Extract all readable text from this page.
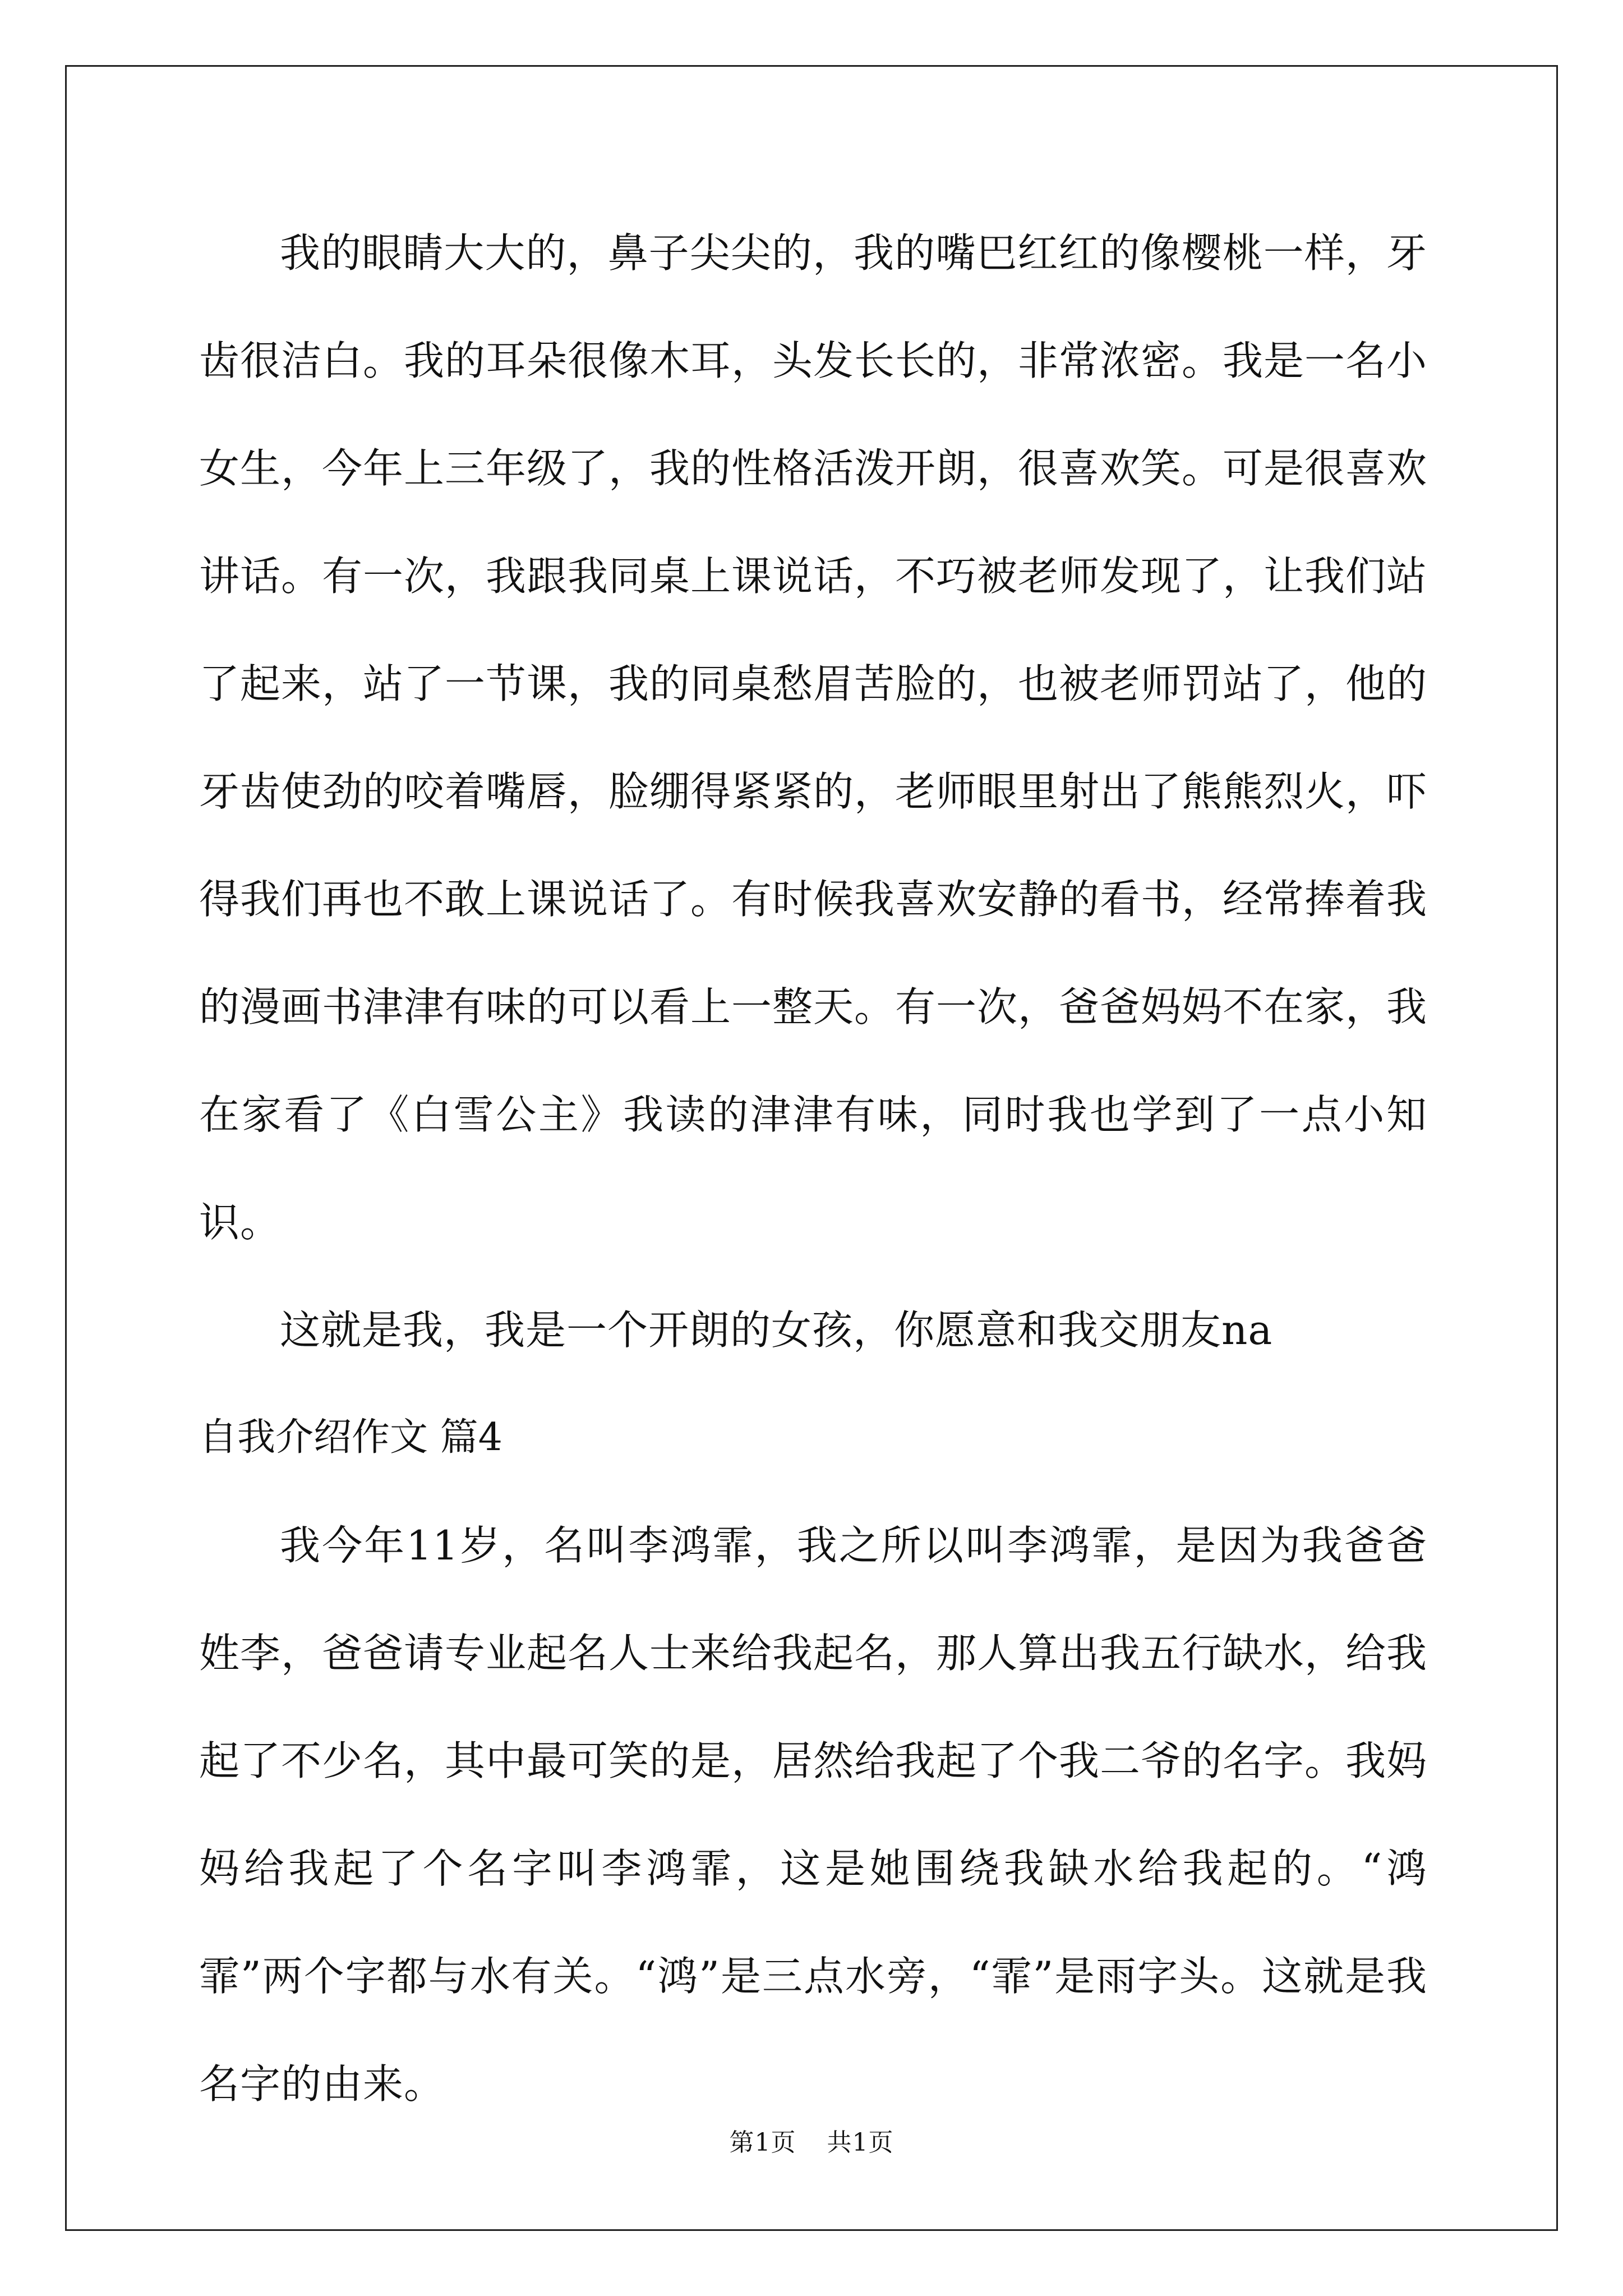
我的眼睛大大的，鼻子尖尖的，我的嘴巴红红的像樱桃一样，牙齿很洁白。我的耳朵很像木耳，头发长长的，非常浓密。我是一名小女生，今年上三年级了，我的性格活泼开朗，很喜欢笑。可是很喜欢讲话。有一次，我跟我同桌上课说话，不巧被老师发现了，让我们站了起来，站了一节课，我的同桌愁眉苦脸的，也被老师罚站了，他的牙齿使劲的咬着嘴唇，脸绷得紧紧的，老师眼里射出了熊熊烈火，吓得我们再也不敢上课说话了。有时候我喜欢安静的看书，经常捧着我的漫画书津津有味的可以看上一整天。有一次，爸爸妈妈不在家，我在家看了《白雪公主》我读的津津有味，同时我也学到了一点小知识。

这就是我，我是一个开朗的女孩，你愿意和我交朋友na

自我介绍作文 篇4

我今年11岁，名叫李鸿霏，我之所以叫李鸿霏，是因为我爸爸姓李，爸爸请专业起名人士来给我起名，那人算出我五行缺水，给我起了不少名，其中最可笑的是，居然给我起了个我二爷的名字。我妈妈给我起了个名字叫李鸿霏，这是她围绕我缺水给我起的。“鸿霏”两个字都与水有关。“鸿”是三点水旁，“霏”是雨字头。这就是我名字的由来。

第1页 共1页
